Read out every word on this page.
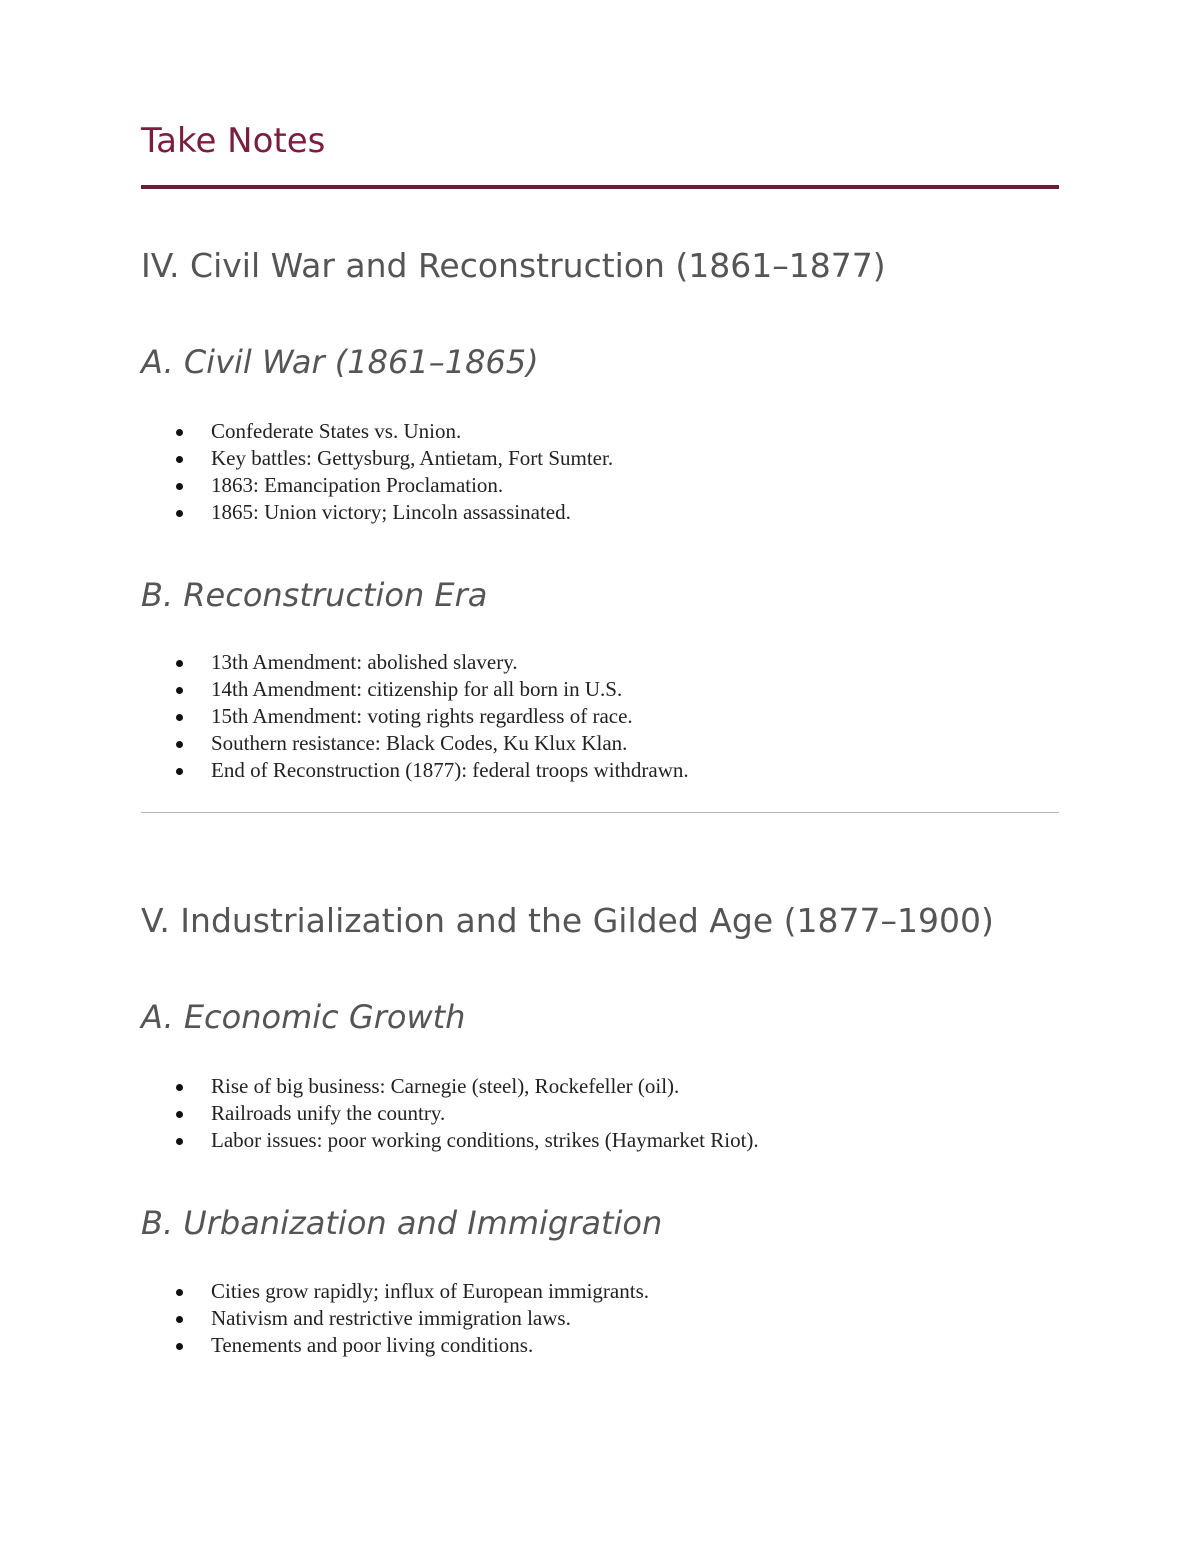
Take Notes
IV. Civil War and Reconstruction (1861–1877)
A. Civil War (1861–1865)
Confederate States vs. Union.
Key battles: Gettysburg, Antietam, Fort Sumter.
1863: Emancipation Proclamation.
1865: Union victory; Lincoln assassinated.
B. Reconstruction Era
13th Amendment: abolished slavery.
14th Amendment: citizenship for all born in U.S.
15th Amendment: voting rights regardless of race.
Southern resistance: Black Codes, Ku Klux Klan.
End of Reconstruction (1877): federal troops withdrawn.
V. Industrialization and the Gilded Age (1877–1900)
A. Economic Growth
Rise of big business: Carnegie (steel), Rockefeller (oil).
Railroads unify the country.
Labor issues: poor working conditions, strikes (Haymarket Riot).
B. Urbanization and Immigration
Cities grow rapidly; influx of European immigrants.
Nativism and restrictive immigration laws.
Tenements and poor living conditions.
